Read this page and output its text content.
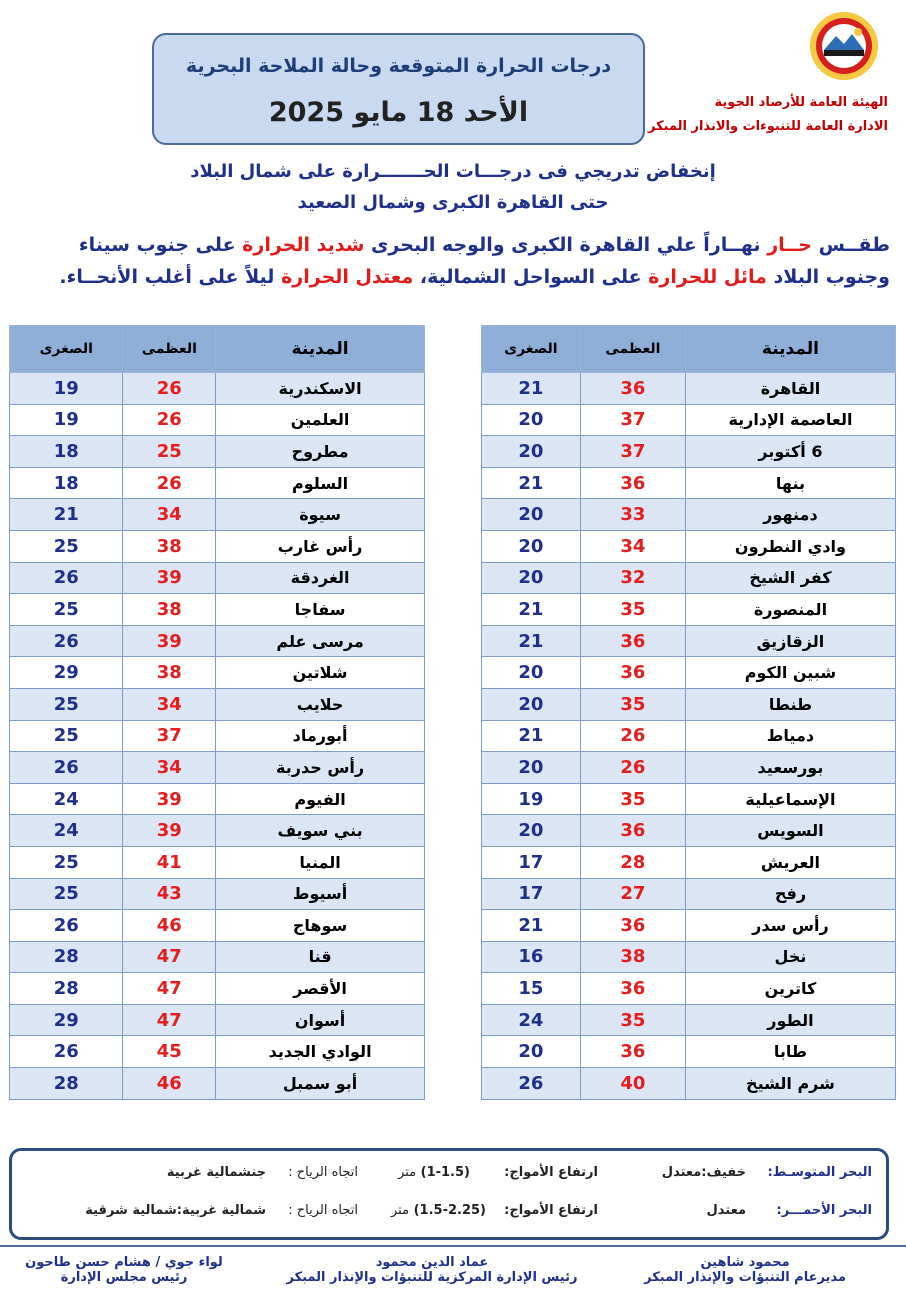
الهيئة العامة للأرصاد الجوية
الادارة العامة للتنبوءات والانذار المبكر
درجات الحرارة المتوقعة وحالة الملاحة البحرية
الأحد 18 مايو 2025
إنخفاض تدريجي فى درجـــات الحـــــــرارة على شمال البلاد
حتى القاهرة الكبرى وشمال الصعيد
طقــس حــار نهــاراً علي القاهرة الكبرى والوجه البحرى شديد الحرارة على جنوب سيناء
وجنوب البلاد مائل للحرارة على السواحل الشمالية، معتدل الحرارة ليلاً على أغلب الأنحــاء.
المدينة	العظمى	الصغرى
القاهرة	36	21
العاصمة الإدارية	37	20
6 أكتوبر	37	20
بنها	36	21
دمنهور	33	20
وادي النطرون	34	20
كفر الشيخ	32	20
المنصورة	35	21
الزقازيق	36	21
شبين الكوم	36	20
طنطا	35	20
دمياط	26	21
بورسعيد	26	20
الإسماعيلية	35	19
السويس	36	20
العريش	28	17
رفح	27	17
رأس سدر	36	21
نخل	38	16
كاترين	36	15
الطور	35	24
طابا	36	20
شرم الشيخ	40	26
المدينة	العظمى	الصغرى
الاسكندرية	26	19
العلمين	26	19
مطروح	25	18
السلوم	26	18
سيوة	34	21
رأس غارب	38	25
الغردقة	39	26
سفاجا	38	25
مرسى علم	39	26
شلاتين	38	29
حلايب	34	25
أبورماد	37	25
رأس حدربة	34	26
الفيوم	39	24
بني سويف	39	24
المنيا	41	25
أسيوط	43	25
سوهاج	46	26
قنا	47	28
الأقصر	47	28
أسوان	47	29
الوادي الجديد	45	26
أبو سمبل	46	28
البحر المتوسـط:
خفيف:معتدل
ارتفاع الأمواج:
(1-1.5) متر
اتجاه الرياح :
جنشمالية غربية
البحر الأحمـــر:
معتدل
ارتفاع الأمواج:
(1.5-2.25) متر
اتجاه الرياح :
شمالية غربية:شمالية شرقية
محمود شاهين
مديرعام التنبؤات والإنذار المبكر
عماد الدين محمود
رئيس الإدارة المركزية للتنبؤات والإنذار المبكر
لواء جوي / هشام حسن طاحون
رئيس مجلس الإدارة
